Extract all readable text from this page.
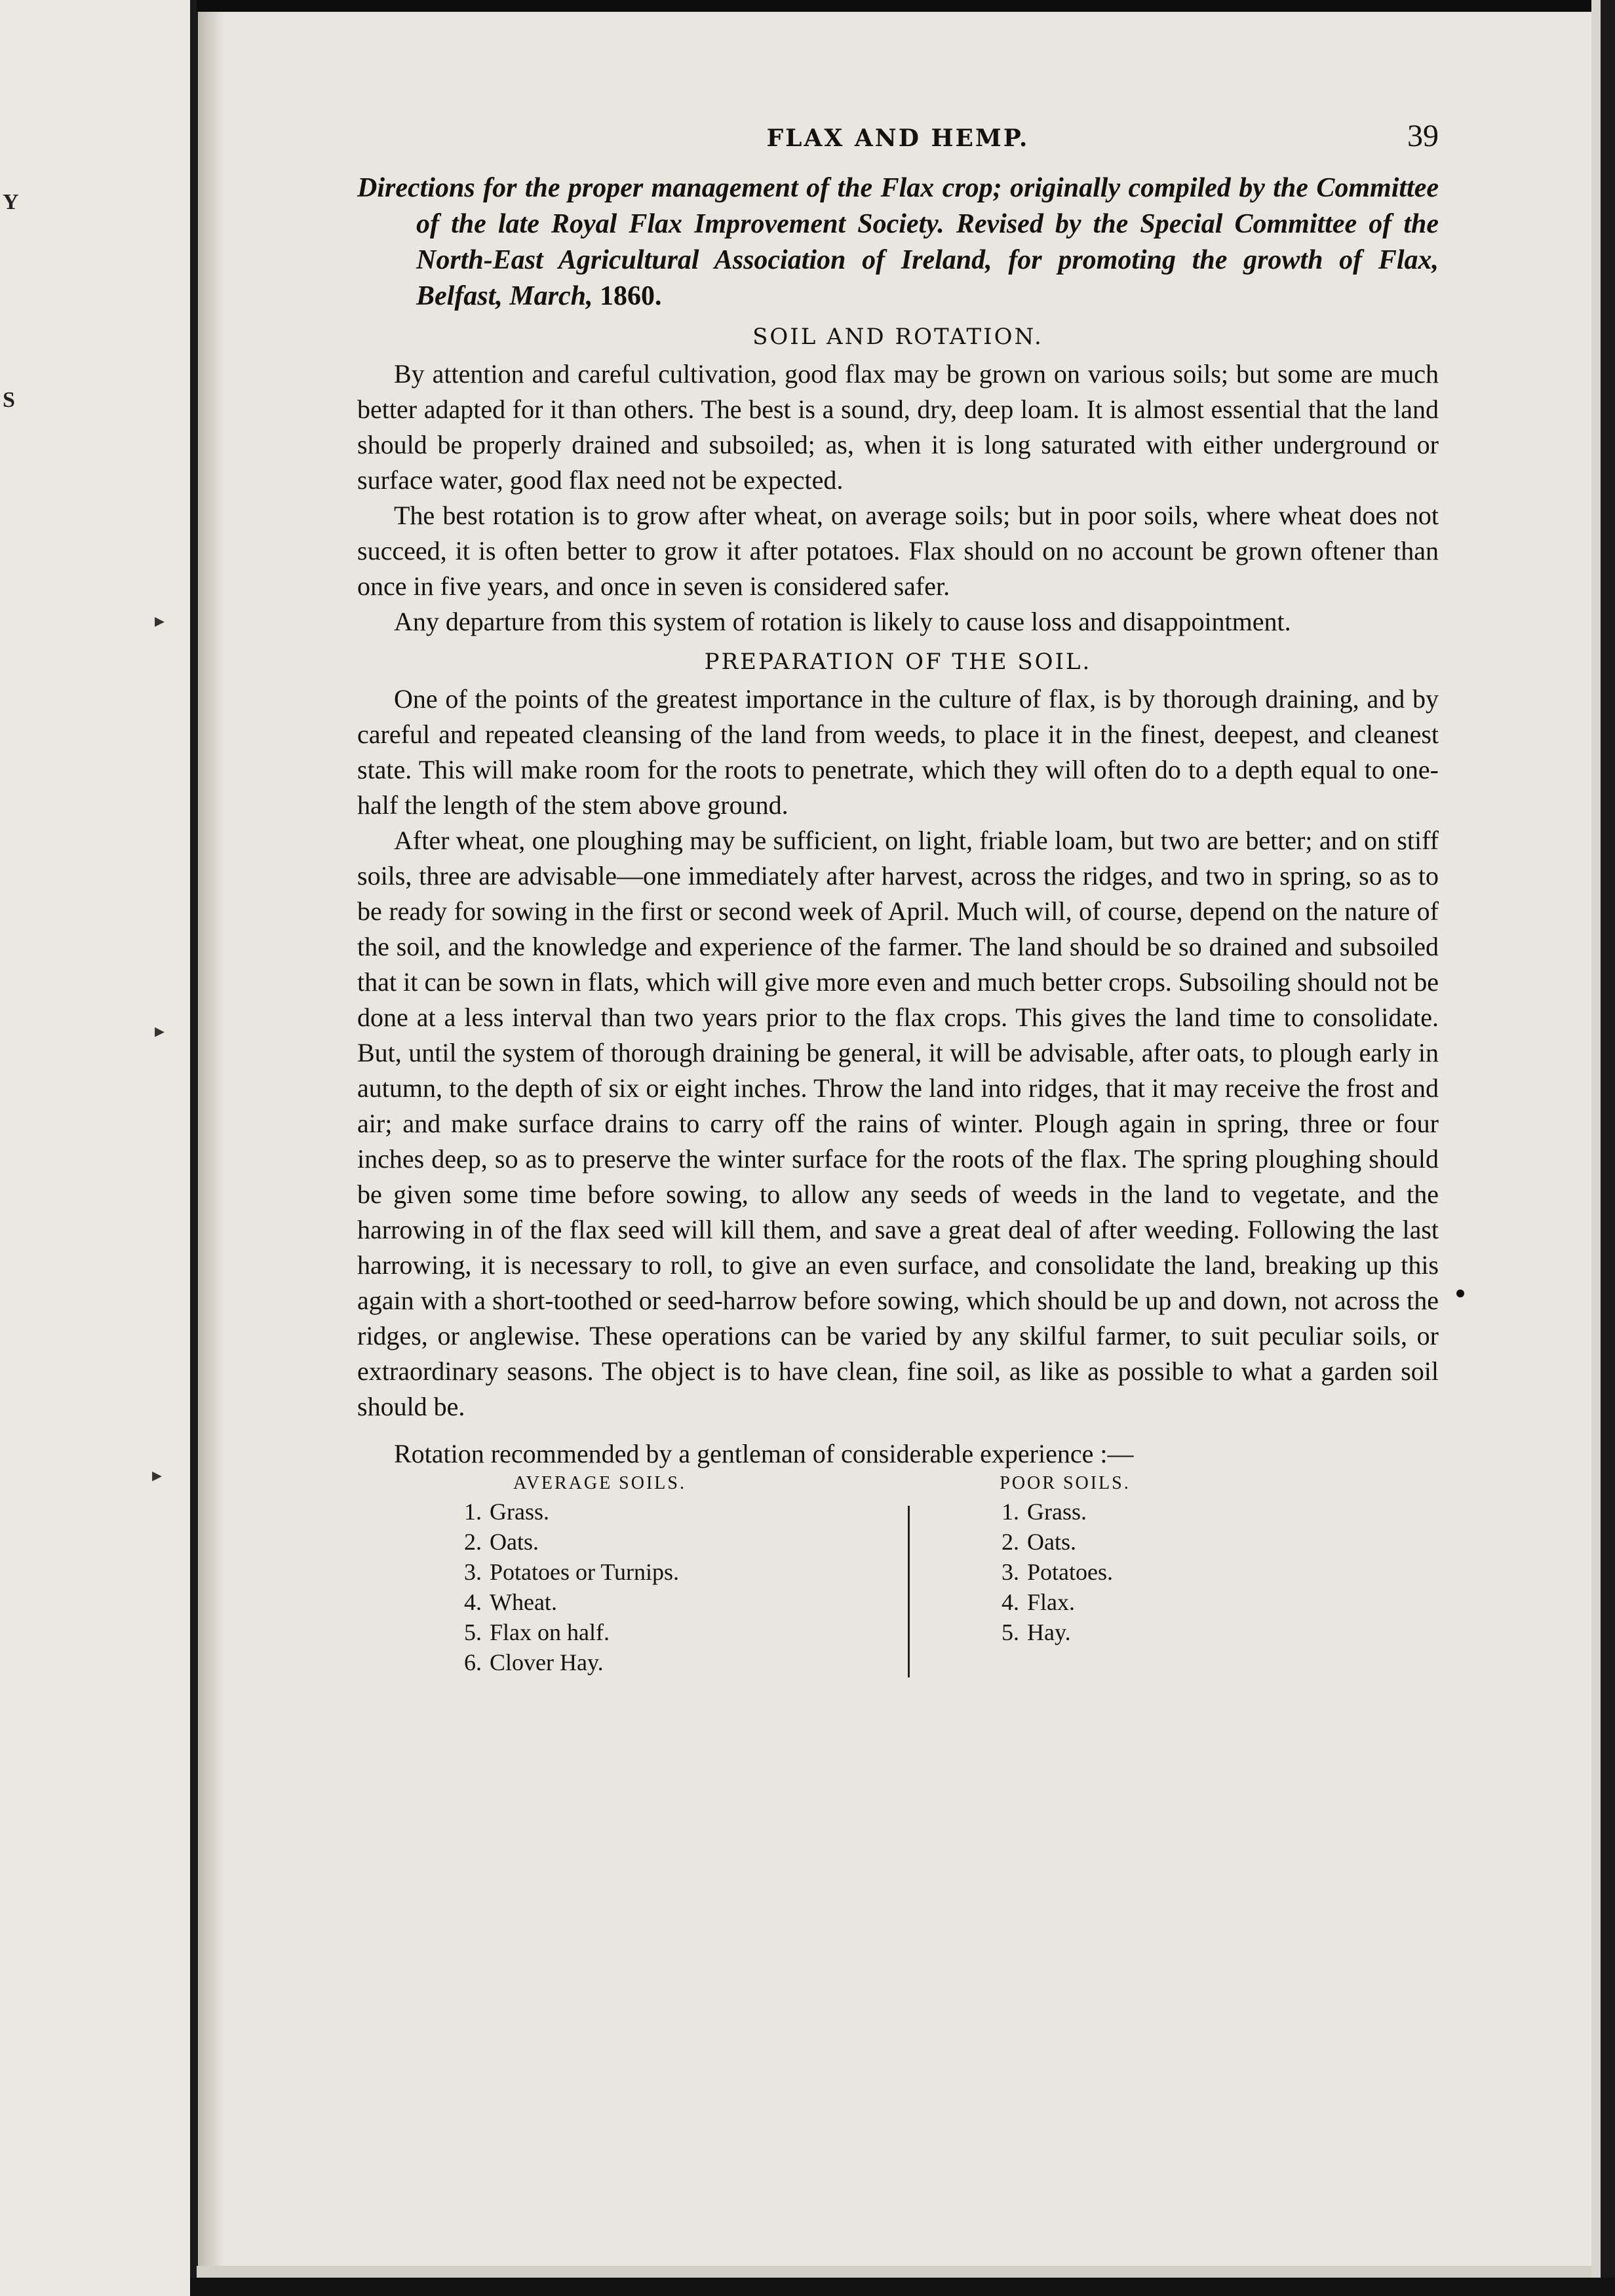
Y
S
▸
▸
▸
FLAX AND HEMP.	39

Directions for the proper management of the Flax crop; originally compiled by the Committee of the late Royal Flax Improvement Society. Revised by the Special Committee of the North-East Agricultural Association of Ireland, for promoting the growth of Flax, Belfast, March, 1860.

SOIL AND ROTATION.

By attention and careful cultivation, good flax may be grown on various soils; but some are much better adapted for it than others. The best is a sound, dry, deep loam. It is almost essential that the land should be properly drained and subsoiled; as, when it is long saturated with either underground or surface water, good flax need not be expected.

The best rotation is to grow after wheat, on average soils; but in poor soils, where wheat does not succeed, it is often better to grow it after potatoes. Flax should on no account be grown oftener than once in five years, and once in seven is considered safer.

Any departure from this system of rotation is likely to cause loss and disappointment.

PREPARATION OF THE SOIL.

One of the points of the greatest importance in the culture of flax, is by thorough draining, and by careful and repeated cleansing of the land from weeds, to place it in the finest, deepest, and cleanest state. This will make room for the roots to penetrate, which they will often do to a depth equal to one-half the length of the stem above ground.

After wheat, one ploughing may be sufficient, on light, friable loam, but two are better; and on stiff soils, three are advisable—one immediately after harvest, across the ridges, and two in spring, so as to be ready for sowing in the first or second week of April. Much will, of course, depend on the nature of the soil, and the knowledge and experience of the farmer. The land should be so drained and subsoiled that it can be sown in flats, which will give more even and much better crops. Subsoiling should not be done at a less interval than two years prior to the flax crops. This gives the land time to consolidate. But, until the system of thorough draining be general, it will be advisable, after oats, to plough early in autumn, to the depth of six or eight inches. Throw the land into ridges, that it may receive the frost and air; and make surface drains to carry off the rains of winter. Plough again in spring, three or four inches deep, so as to preserve the winter surface for the roots of the flax. The spring ploughing should be given some time before sowing, to allow any seeds of weeds in the land to vegetate, and the harrowing in of the flax seed will kill them, and save a great deal of after weeding. Following the last harrowing, it is necessary to roll, to give an even surface, and consolidate the land, breaking up this again with a short-toothed or seed-harrow before sowing, which should be up and down, not across the ridges, or anglewise. These operations can be varied by any skilful farmer, to suit peculiar soils, or extraordinary seasons. The object is to have clean, fine soil, as like as possible to what a garden soil should be.

Rotation recommended by a gentleman of considerable experience :—

AVERAGE SOILS.
1. Grass.
2. Oats.
3. Potatoes or Turnips.
4. Wheat.
5. Flax on half.
6. Clover Hay.
POOR SOILS.
1. Grass.
2. Oats.
3. Potatoes.
4. Flax.
5. Hay.
